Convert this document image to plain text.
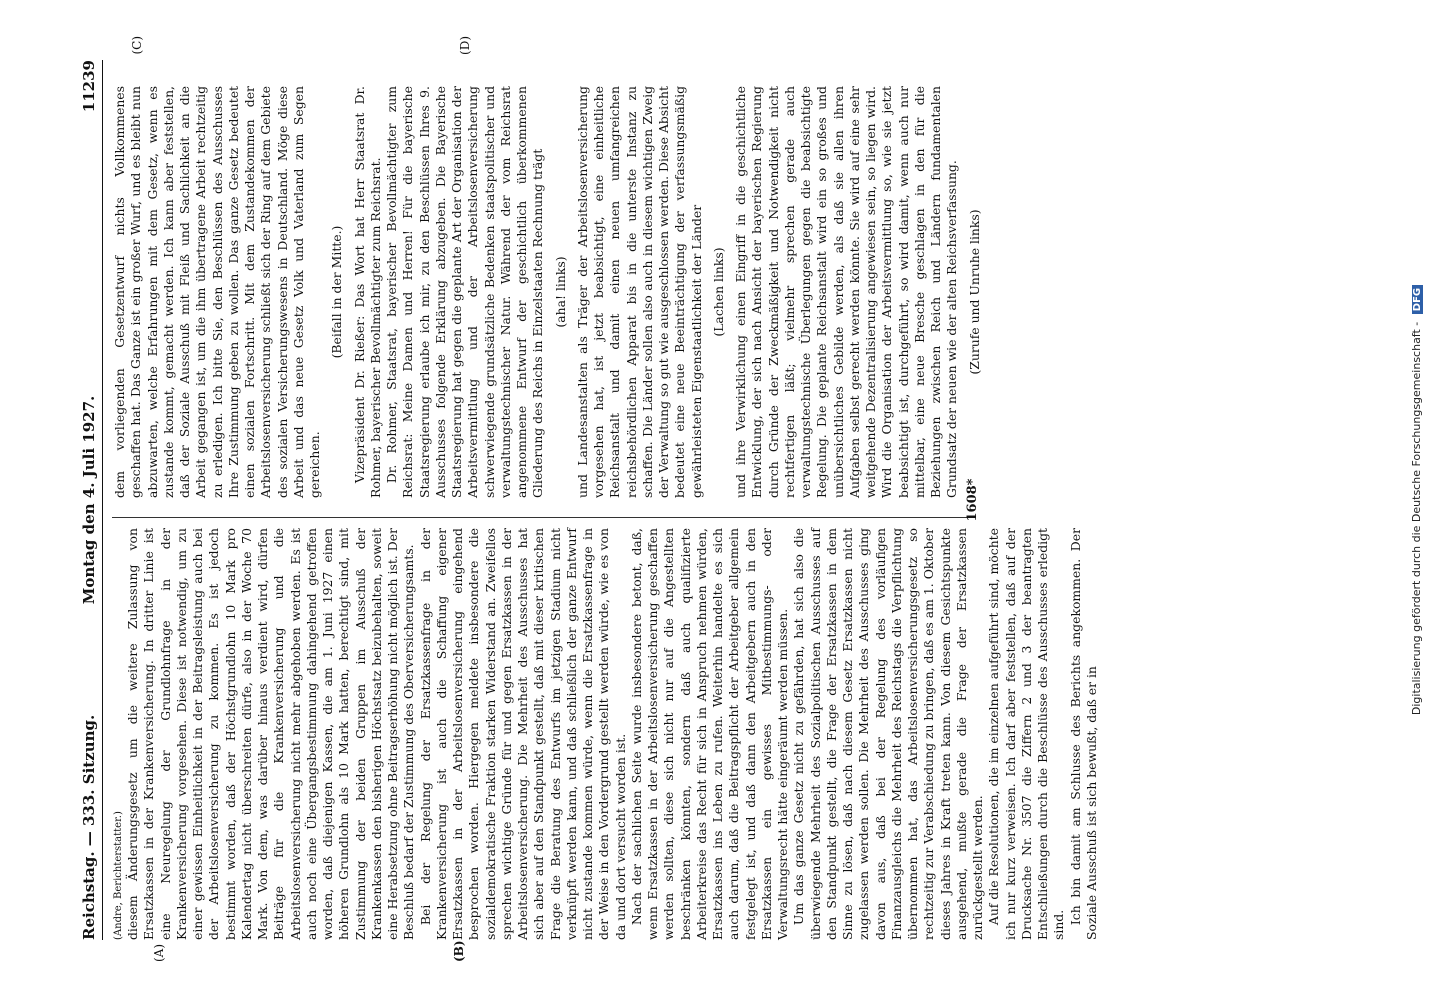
Reichstag. — 333. Sitzung.
Montag den 4. Juli 1927.
11239
(A)	(B)
(C)	(D)

(Andre, Berichterstatter.) diesem Änderungsgesetz um die weitere Zulassung von Ersatzkassen in der Krankenversicherung. In dritter Linie ist eine Neuregelung der Grundlohnfrage in der Krankenversicherung vorgesehen. Diese ist notwendig, um zu einer gewissen Einheitlichkeit in der Beitragsleistung auch bei der Arbeitslosenversicherung zu kommen. Es ist jedoch bestimmt worden, daß der Höchstgrundlohn 10 Mark pro Kalendertag nicht überschreiten dürfe, also in der Woche 70 Mark. Von dem, was darüber hinaus verdient wird, dürfen Beiträge für die Krankenversicherung und die Arbeitslosenversicherung nicht mehr abgehoben werden. Es ist auch noch eine Übergangsbestimmung dahingehend getroffen worden, daß diejenigen Kassen, die am 1. Juni 1927 einen höheren Grundlohn als 10 Mark hatten, berechtigt sind, mit Zustimmung der beiden Gruppen im Ausschuß der Krankenkassen den bisherigen Höchstsatz beizubehalten, soweit eine Herabsetzung ohne Beitragserhöhung nicht möglich ist. Der Beschluß bedarf der Zustimmung des Oberversicherungsamts. Bei der Regelung der Ersatzkassenfrage in der Krankenversicherung ist auch die Schaffung eigener Ersatzkassen in der Arbeitslosenversicherung eingehend besprochen worden. Hiergegen meldete insbesondere die sozialdemokratische Fraktion starken Widerstand an. Zweifellos sprechen wichtige Gründe für und gegen Ersatzkassen in der Arbeitslosenversicherung. Die Mehrheit des Ausschusses hat sich aber auf den Standpunkt gestellt, daß mit dieser kritischen Frage die Beratung des Entwurfs im jetzigen Stadium nicht verknüpft werden kann, und daß schließlich der ganze Entwurf nicht zustande kommen würde, wenn die Ersatzkassenfrage in der Weise in den Vordergrund gestellt werden würde, wie es von da und dort versucht worden ist. Nach der sachlichen Seite wurde insbesondere betont, daß, wenn Ersatzkassen in der Arbeitslosenversicherung geschaffen werden sollten, diese sich nicht nur auf die Angestellten beschränken könnten, sondern daß auch qualifizierte Arbeiterkreise das Recht für sich in Anspruch nehmen würden, Ersatzkassen ins Leben zu rufen. Weiterhin handelte es sich auch darum, daß die Beitragspflicht der Arbeitgeber allgemein festgelegt ist, und daß dann den Arbeitgebern auch in den Ersatzkassen ein gewisses Mitbestimmungs- oder Verwaltungsrecht hätte eingeräumt werden müssen. Um das ganze Gesetz nicht zu gefährden, hat sich also die überwiegende Mehrheit des Sozialpolitischen Ausschusses auf den Standpunkt gestellt, die Frage der Ersatzkassen in dem Sinne zu lösen, daß nach diesem Gesetz Ersatzkassen nicht zugelassen werden sollen. Die Mehrheit des Ausschusses ging davon aus, daß bei der Regelung des vorläufigen Finanzausgleichs die Mehrheit des Reichstags die Verpflichtung übernommen hat, das Arbeitslosenversicherungsgesetz so rechtzeitig zur Verabschiedung zu bringen, daß es am 1. Oktober dieses Jahres in Kraft treten kann. Von diesem Gesichtspunkte ausgehend, mußte gerade die Frage der Ersatzkassen zurückgestellt werden. Auf die Resolutionen, die im einzelnen aufgeführt sind, möchte ich nur kurz verweisen. Ich darf aber feststellen, daß auf der Drucksache Nr. 3507 die Ziffern 2 und 3 der beantragten Entschließungen durch die Beschlüsse des Ausschusses erledigt sind. Ich bin damit am Schlusse des Berichts angekommen. Der Soziale Ausschuß ist sich bewußt, daß er in

dem vorliegenden Gesetzentwurf nichts Vollkommenes geschaffen hat. Das Ganze ist ein großer Wurf, und es bleibt nun abzuwarten, welche Erfahrungen mit dem Gesetz, wenn es zustande kommt, gemacht werden. Ich kann aber feststellen, daß der Soziale Ausschuß mit Fleiß und Sachlichkeit an die Arbeit gegangen ist, um die ihm übertragene Arbeit rechtzeitig zu erledigen. Ich bitte Sie, den Beschlüssen des Ausschusses Ihre Zustimmung geben zu wollen. Das ganze Gesetz bedeutet einen sozialen Fortschritt. Mit dem Zustandekommen der Arbeitslosenversicherung schließt sich der Ring auf dem Gebiete des sozialen Versicherungswesens in Deutschland. Möge diese Arbeit und das neue Gesetz Volk und Vaterland zum Segen gereichen.

(Beifall in der Mitte.) Vizepräsident Dr. Rießer: Das Wort hat Herr Staatsrat Dr. Rohmer, bayerischer Bevollmächtigter zum Reichsrat. Dr. Rohmer, Staatsrat, bayerischer Bevollmächtigter zum Reichsrat: Meine Damen und Herren! Für die bayerische Staatsregierung erlaube ich mir, zu den Beschlüssen Ihres 9. Ausschusses folgende Erklärung abzugeben. Die Bayerische Staatsregierung hat gegen die geplante Art der Organisation der Arbeitsvermittlung und der Arbeitslosenversicherung schwerwiegende grundsätzliche Bedenken staatspolitischer und verwaltungstechnischer Natur. Während der vom Reichsrat angenommene Entwurf der geschichtlich überkommenen Gliederung des Reichs in Einzelstaaten Rechnung trägt (aha! links) und Landesanstalten als Träger der Arbeitslosenversicherung vorgesehen hat, ist jetzt beabsichtigt, eine einheitliche Reichsanstalt und damit einen neuen umfangreichen reichsbehördlichen Apparat bis in die unterste Instanz zu schaffen. Die Länder sollen also auch in diesem wichtigen Zweig der Verwaltung so gut wie ausgeschlossen werden. Diese Absicht bedeutet eine neue Beeinträchtigung der verfassungsmäßig gewährleisteten Eigenstaatlichkeit der Länder (Lachen links) und ihre Verwirklichung einen Eingriff in die geschichtliche Entwicklung, der sich nach Ansicht der bayerischen Regierung durch Gründe der Zweckmäßigkeit und Notwendigkeit nicht rechtfertigen läßt; vielmehr sprechen gerade auch verwaltungstechnische Überlegungen gegen die beabsichtigte Regelung. Die geplante Reichsanstalt wird ein so großes und unübersichtliches Gebilde werden, als daß sie allen ihren Aufgaben selbst gerecht werden könnte. Sie wird auf eine sehr weitgehende Dezentralisierung angewiesen sein, so liegen wird. Wird die Organisation der Arbeitsvermittlung so, wie sie jetzt beabsichtigt ist, durchgeführt, so wird damit, wenn auch nur mittelbar, eine neue Bresche geschlagen in den für die Beziehungen zwischen Reich und Ländern fundamentalen Grundsatz der neuen wie der alten Reichsverfassung. (Zurufe und Unruhe links)

1608*	Digitalisierung gefördert durch die Deutsche Forschungsgemeinschaft - DFG
